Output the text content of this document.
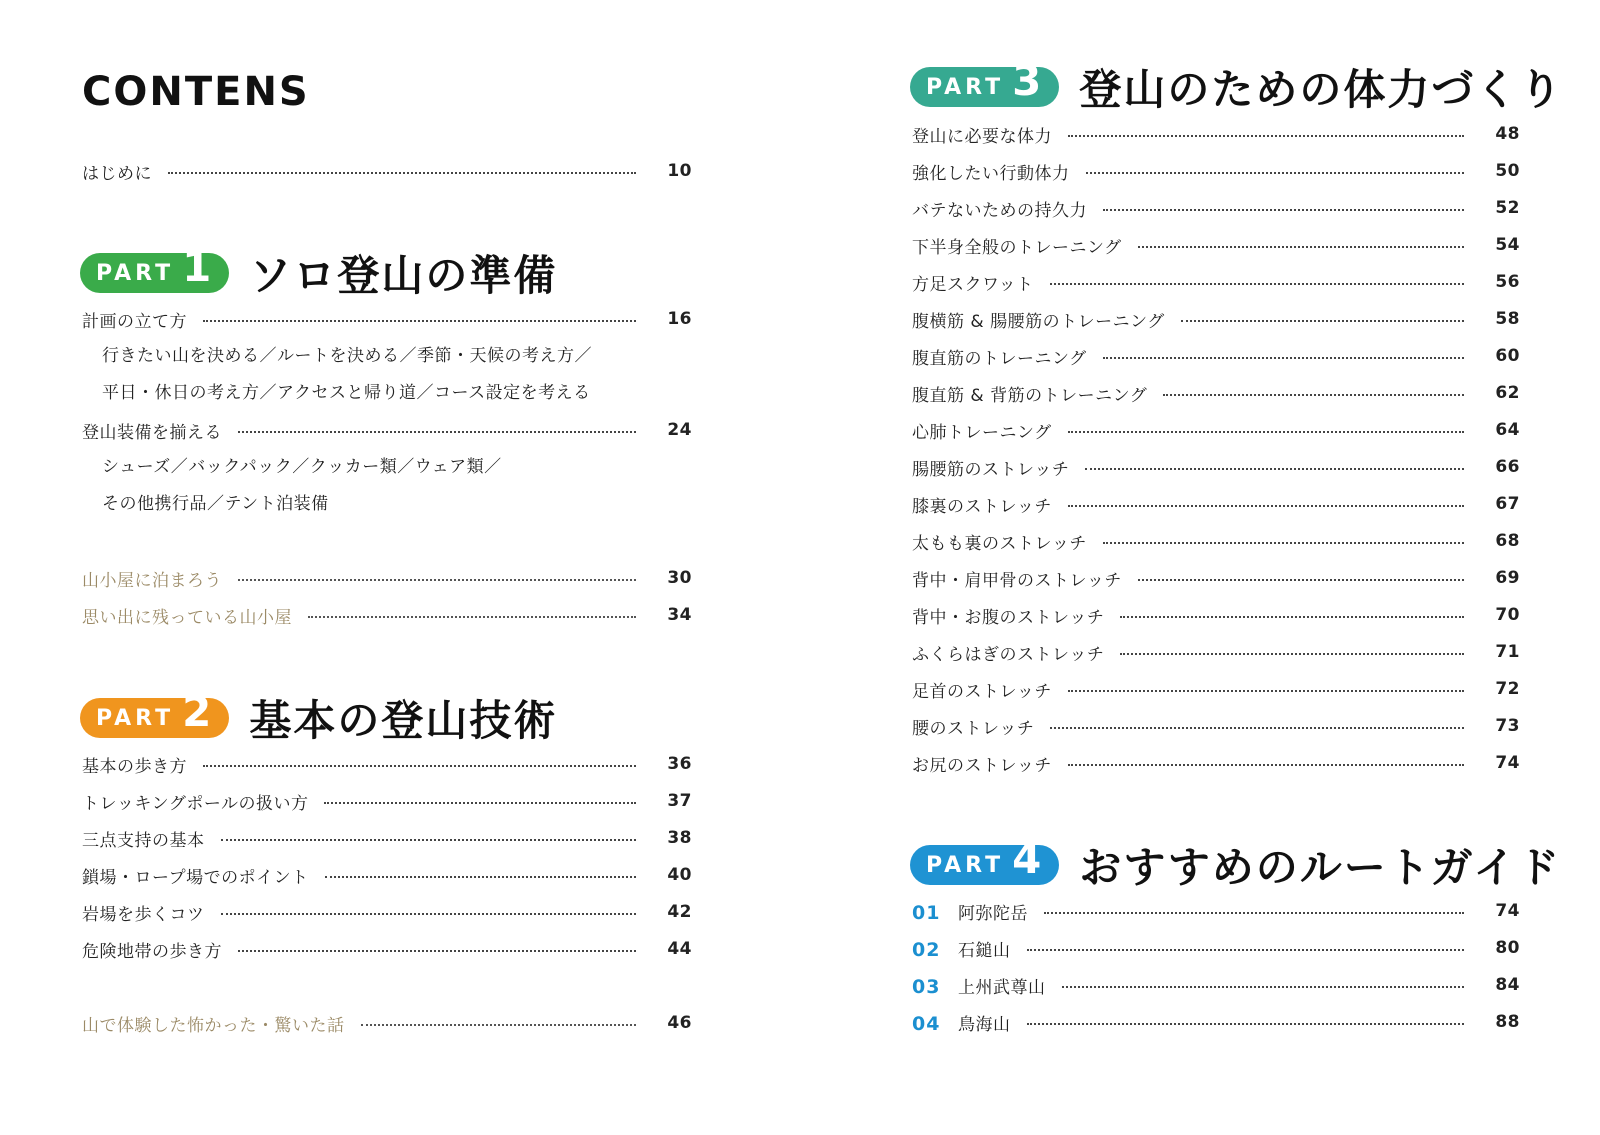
CONTENS
はじめに	10
PART 1 ソロ登山の準備
計画の立て方	16
行きたい山を決める／ルートを決める／季節・天候の考え方／
平日・休日の考え方／アクセスと帰り道／コース設定を考える
登山装備を揃える	24
シューズ／バックパック／クッカー類／ウェア類／
その他携行品／テント泊装備
山小屋に泊まろう	30
思い出に残っている山小屋	34
PART 2 基本の登山技術
基本の歩き方	36
トレッキングポールの扱い方	37
三点支持の基本	38
鎖場・ロープ場でのポイント	40
岩場を歩くコツ	42
危険地帯の歩き方	44
山で体験した怖かった・驚いた話	46
PART 3 登山のための体力づくり
登山に必要な体力	48
強化したい行動体力	50
バテないための持久力	52
下半身全般のトレーニング	54
方足スクワット	56
腹横筋 & 腸腰筋のトレーニング	58
腹直筋のトレーニング	60
腹直筋 & 背筋のトレーニング	62
心肺トレーニング	64
腸腰筋のストレッチ	66
膝裏のストレッチ	67
太もも裏のストレッチ	68
背中・肩甲骨のストレッチ	69
背中・お腹のストレッチ	70
ふくらはぎのストレッチ	71
足首のストレッチ	72
腰のストレッチ	73
お尻のストレッチ	74
PART 4 おすすめのルートガイド
01 阿弥陀岳	74
02 石鎚山	80
03 上州武尊山	84
04 鳥海山	88
